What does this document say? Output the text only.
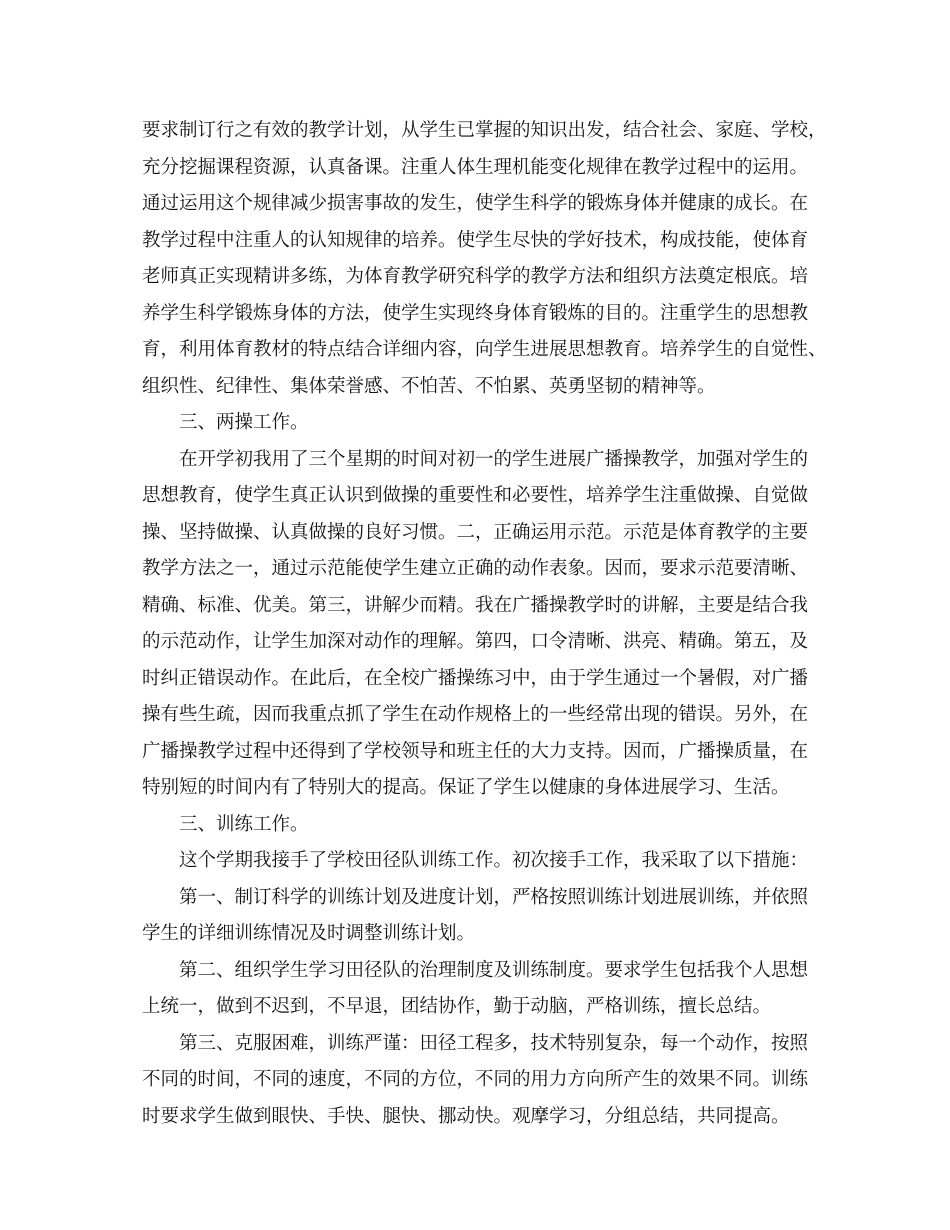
要求制订行之有效的教学计划，从学生已掌握的知识出发，结合社会、家庭、学校，
充分挖掘课程资源，认真备课。注重人体生理机能变化规律在教学过程中的运用。
通过运用这个规律减少损害事故的发生，使学生科学的锻炼身体并健康的成长。在
教学过程中注重人的认知规律的培养。使学生尽快的学好技术，构成技能，使体育
老师真正实现精讲多练，为体育教学研究科学的教学方法和组织方法奠定根底。培
养学生科学锻炼身体的方法，使学生实现终身体育锻炼的目的。注重学生的思想教
育，利用体育教材的特点结合详细内容，向学生进展思想教育。培养学生的自觉性、
组织性、纪律性、集体荣誉感、不怕苦、不怕累、英勇坚韧的精神等。
三、两操工作。
在开学初我用了三个星期的时间对初一的学生进展广播操教学，加强对学生的
思想教育，使学生真正认识到做操的重要性和必要性，培养学生注重做操、自觉做
操、坚持做操、认真做操的良好习惯。二，正确运用示范。示范是体育教学的主要
教学方法之一，通过示范能使学生建立正确的动作表象。因而，要求示范要清晰、
精确、标准、优美。第三，讲解少而精。我在广播操教学时的讲解，主要是结合我
的示范动作，让学生加深对动作的理解。第四，口令清晰、洪亮、精确。第五，及
时纠正错误动作。在此后，在全校广播操练习中，由于学生通过一个暑假，对广播
操有些生疏，因而我重点抓了学生在动作规格上的一些经常出现的错误。另外，在
广播操教学过程中还得到了学校领导和班主任的大力支持。因而，广播操质量，在
特别短的时间内有了特别大的提高。保证了学生以健康的身体进展学习、生活。
三、训练工作。
这个学期我接手了学校田径队训练工作。初次接手工作，我采取了以下措施：
第一、制订科学的训练计划及进度计划，严格按照训练计划进展训练，并依照
学生的详细训练情况及时调整训练计划。
第二、组织学生学习田径队的治理制度及训练制度。要求学生包括我个人思想
上统一，做到不迟到，不早退，团结协作，勤于动脑，严格训练，擅长总结。
第三、克服困难，训练严谨：田径工程多，技术特别复杂，每一个动作，按照
不同的时间，不同的速度，不同的方位，不同的用力方向所产生的效果不同。训练
时要求学生做到眼快、手快、腿快、挪动快。观摩学习，分组总结，共同提高。
